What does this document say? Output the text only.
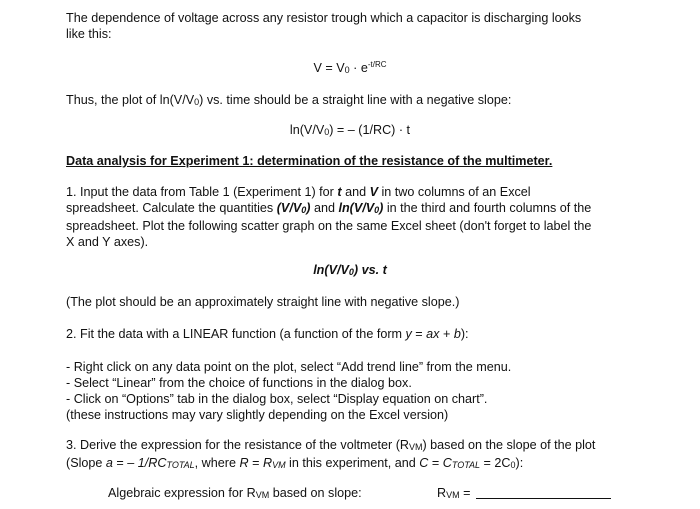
The dependence of voltage across any resistor trough which a capacitor is discharging looks
like this:

$V = V_0 \cdot e^{-t/RC}$

Thus, the plot of $\ln(V/V_0)$ vs. time should be a straight line with a negative slope:

$\ln(V/V_0)$ = – (1/RC) · t

Data analysis for Experiment 1: determination of the resistance of the multimeter.

1. Input the data from Table 1 (Experiment 1) for t and V in two columns of an Excel
spreadsheet. Calculate the quantities $(V/V_0)$ and $\ln(V/V_0)$ in the third and fourth columns of the
spreadsheet. Plot the following scatter graph on the same Excel sheet (don't forget to label the
X and Y axes).

$\ln(V/V_0)$ vs. t

(The plot should be an approximately straight line with negative slope.)

2. Fit the data with a LINEAR function (a function of the form y = ax + b):

- Right click on any data point on the plot, select “Add trend line” from the menu.
- Select “Linear” from the choice of functions in the dialog box.
- Click on “Options” tab in the dialog box, select “Display equation on chart”.
(these instructions may vary slightly depending on the Excel version)

3. Derive the expression for the resistance of the voltmeter $(R_{VM})$ based on the slope of the plot
(Slope a = – $1/RC_{TOTAL}$, where $R = R_{VM}$ in this experiment, and $C = C_{TOTAL} = 2C_0$):

Algebraic expression for $R_{VM}$ based on slope:	$R_{VM}$ =
